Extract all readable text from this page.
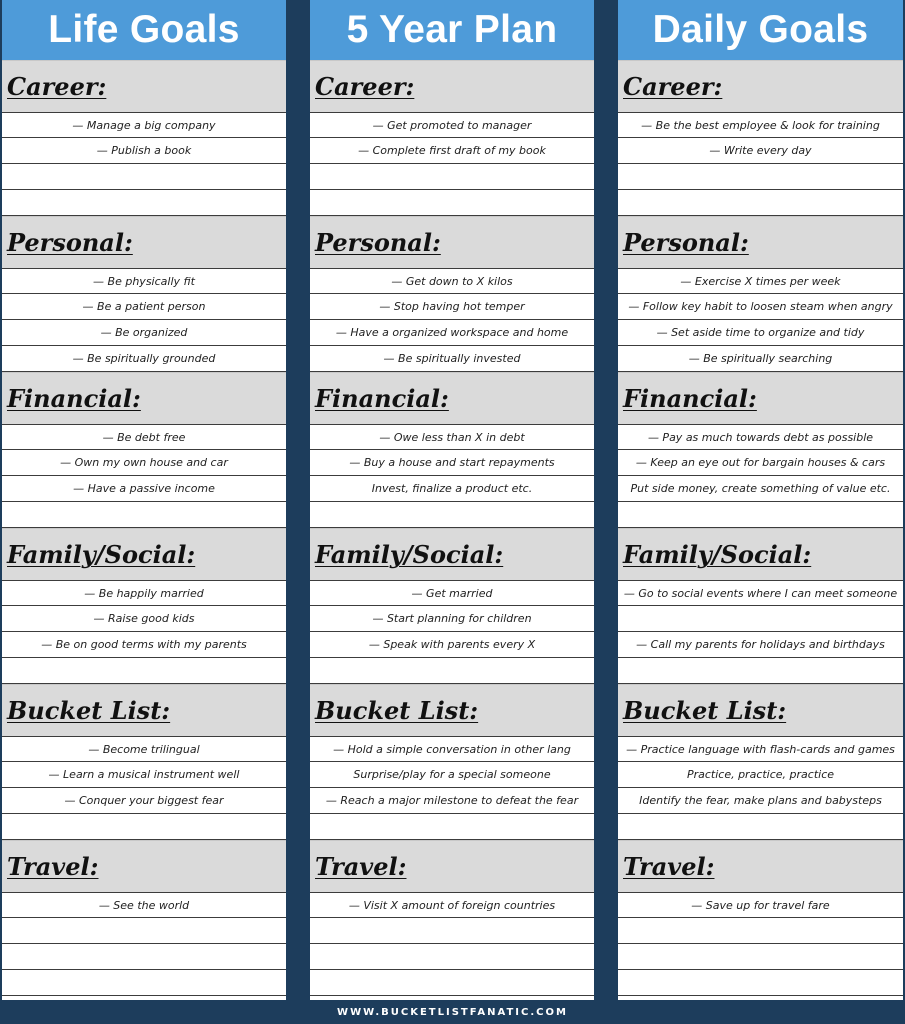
Life Goals
Career:
— Manage a big company
— Publish a book
Personal:
— Be physically fit
— Be a patient person
— Be organized
— Be spiritually grounded
Financial:
— Be debt free
— Own my own house and car
— Have a passive income
Family/Social:
— Be happily married
— Raise good kids
— Be on good terms with my parents
Bucket List:
— Become trilingual
— Learn a musical instrument well
— Conquer your biggest fear
Travel:
— See the world
5 Year Plan
Career:
— Get promoted to manager
— Complete first draft of my book
Personal:
— Get down to X kilos
— Stop having hot temper
— Have a organized workspace and home
— Be spiritually invested
Financial:
— Owe less than X in debt
— Buy a house and start repayments
Invest, finalize a product etc.
Family/Social:
— Get married
— Start planning for children
— Speak with parents every X
Bucket List:
— Hold a simple conversation in other lang
Surprise/play for a special someone
— Reach a major milestone to defeat the fear
Travel:
— Visit X amount of foreign countries
Daily Goals
Career:
— Be the best employee & look for training
— Write every day
Personal:
— Exercise X times per week
— Follow key habit to loosen steam when angry
— Set aside time to organize and tidy
— Be spiritually searching
Financial:
— Pay as much towards debt as possible
— Keep an eye out for bargain houses & cars
Put side money, create something of value etc.
Family/Social:
— Go to social events where I can meet someone
— Call my parents for holidays and birthdays
Bucket List:
— Practice language with flash-cards and games
Practice, practice, practice
Identify the fear, make plans and babysteps
Travel:
— Save up for travel fare
WWW.BUCKETLISTFANATIC.COM
